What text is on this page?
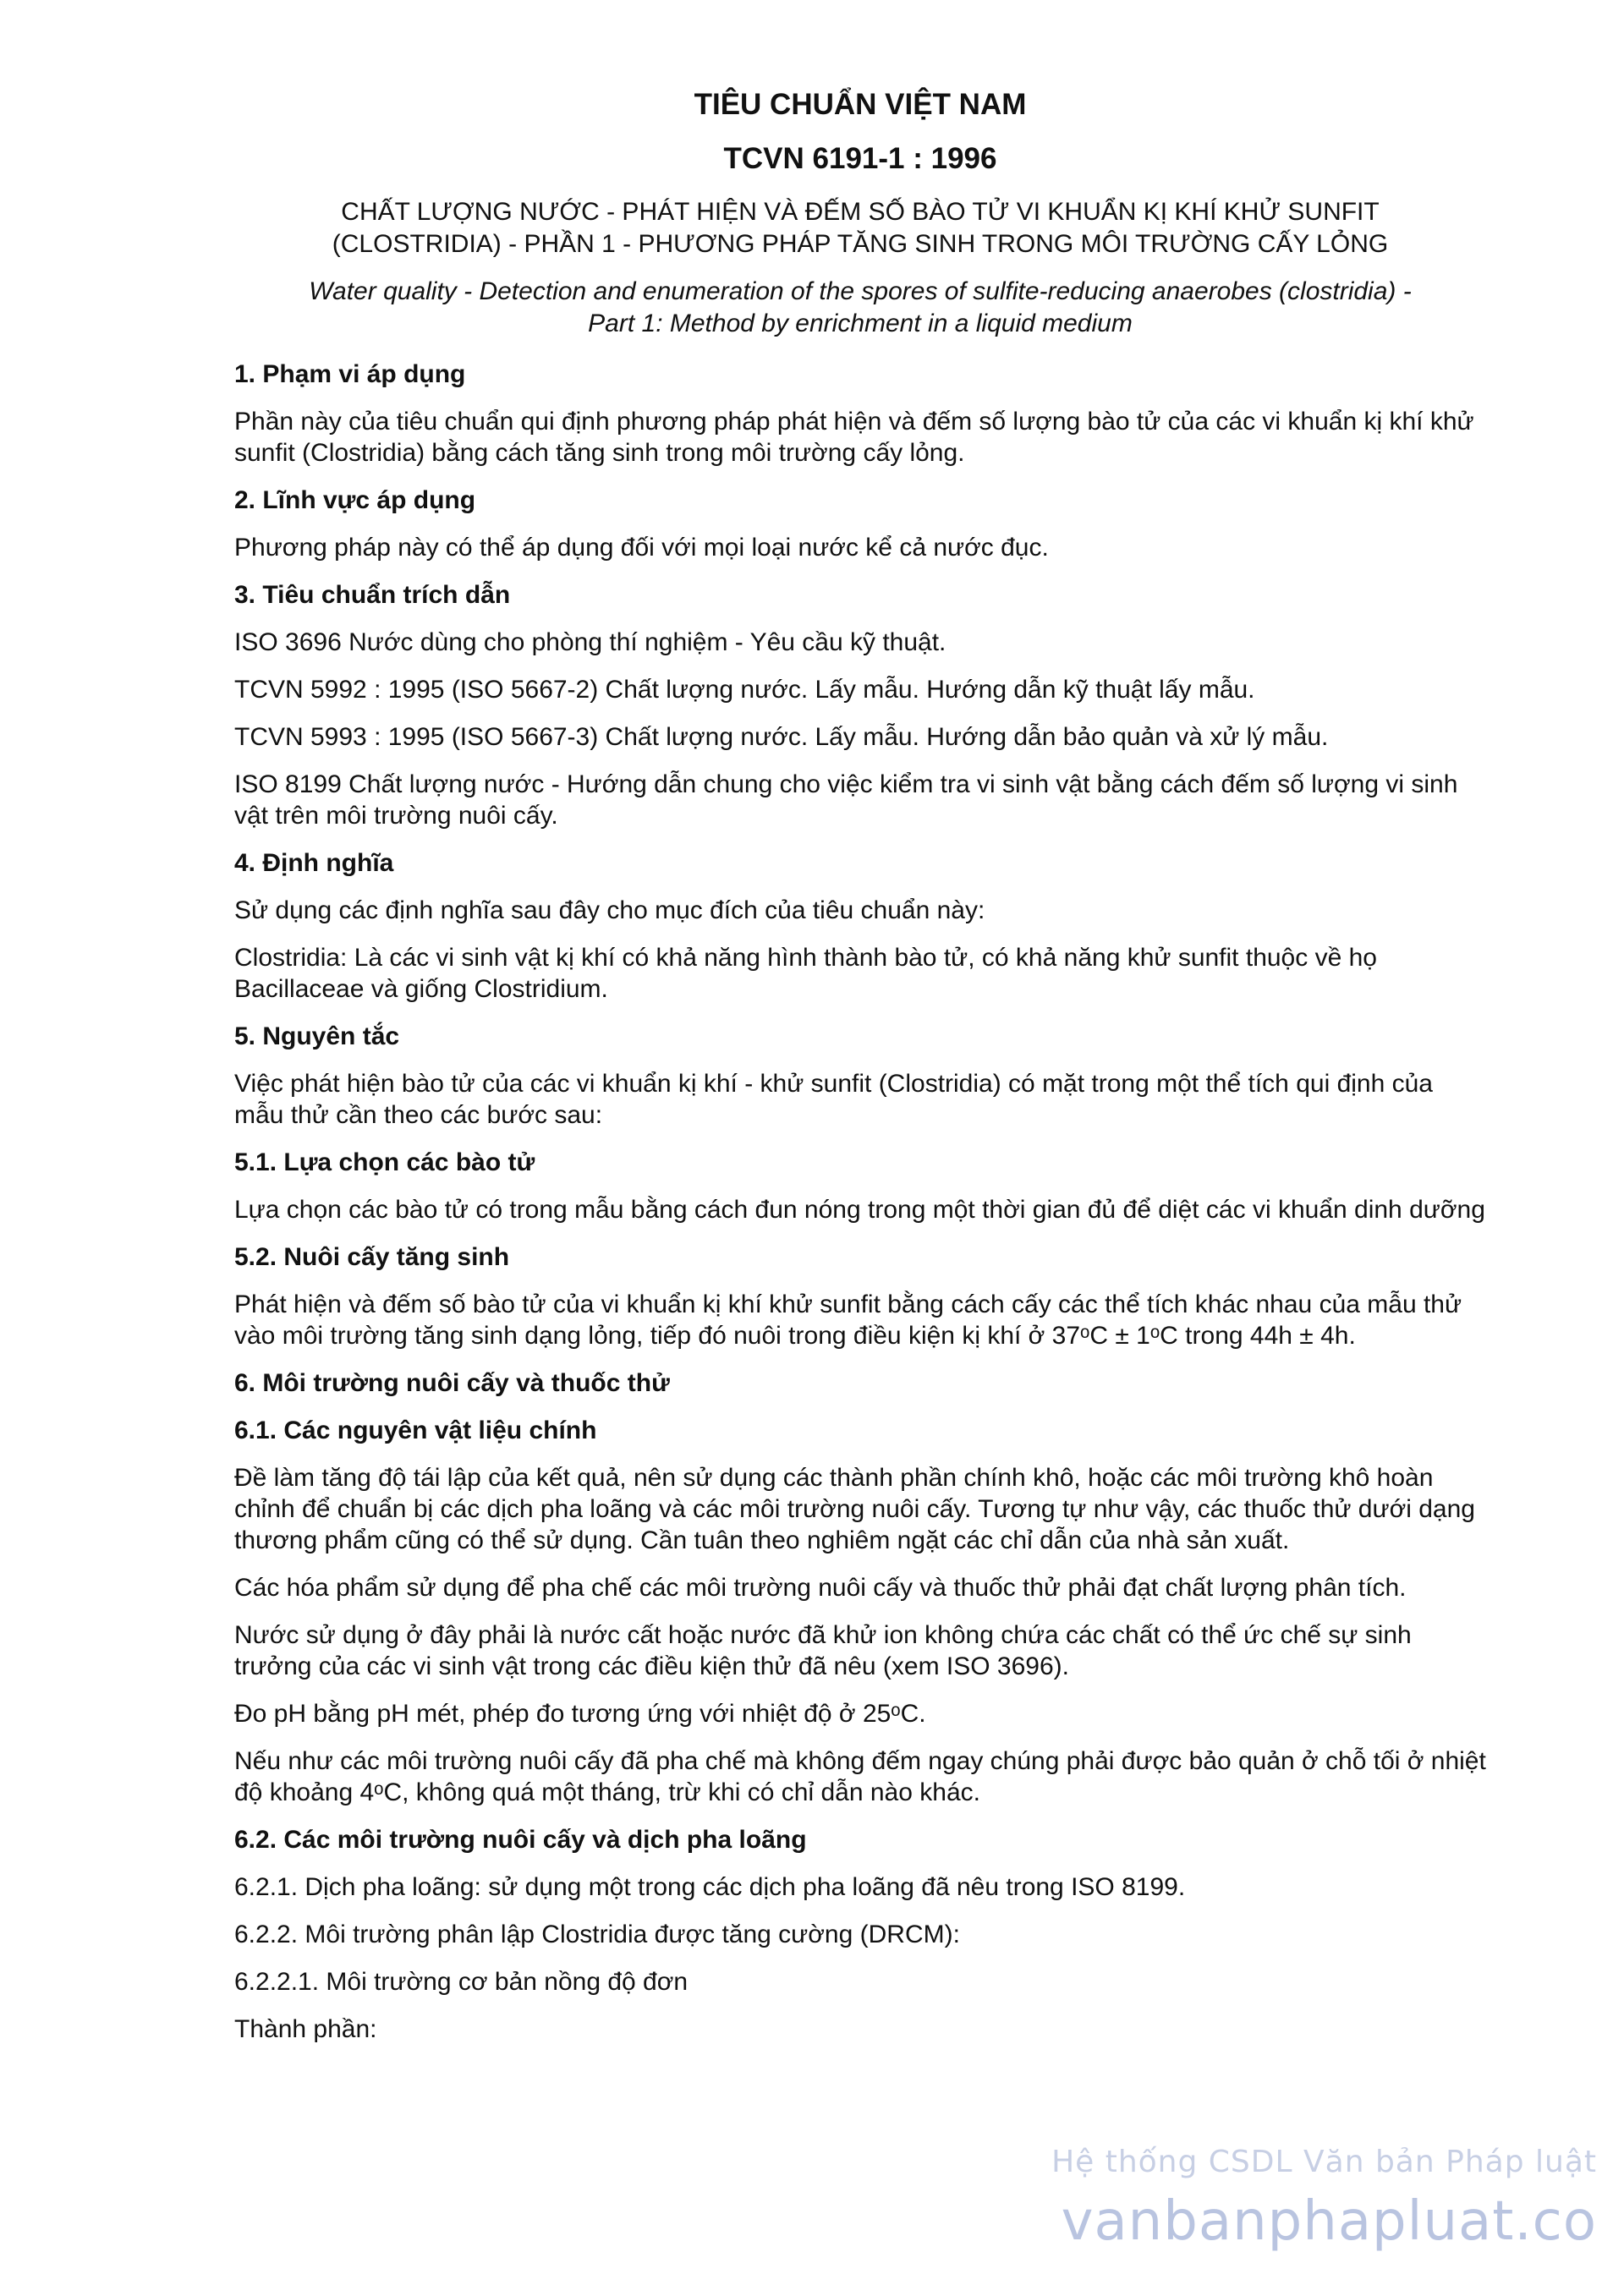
TIÊU CHUẨN VIỆT NAM
TCVN 6191-1 : 1996
CHẤT LƯỢNG NƯỚC - PHÁT HIỆN VÀ ĐẾM SỐ BÀO TỬ VI KHUẨN KỊ KHÍ KHỬ SUNFIT
(CLOSTRIDIA) - PHẦN 1 - PHƯƠNG PHÁP TĂNG SINH TRONG MÔI TRƯỜNG CẤY LỎNG
Water quality - Detection and enumeration of the spores of sulfite-reducing anaerobes (clostridia) -
Part 1: Method by enrichment in a liquid medium
1. Phạm vi áp dụng
Phần này của tiêu chuẩn qui định phương pháp phát hiện và đếm số lượng bào tử của các vi khuẩn kị khí khử sunfit (Clostridia) bằng cách tăng sinh trong môi trường cấy lỏng.
2. Lĩnh vực áp dụng
Phương pháp này có thể áp dụng đối với mọi loại nước kể cả nước đục.
3. Tiêu chuẩn trích dẫn
ISO 3696 Nước dùng cho phòng thí nghiệm - Yêu cầu kỹ thuật.
TCVN 5992 : 1995 (ISO 5667-2) Chất lượng nước. Lấy mẫu. Hướng dẫn kỹ thuật lấy mẫu.
TCVN 5993 : 1995 (ISO 5667-3) Chất lượng nước. Lấy mẫu. Hướng dẫn bảo quản và xử lý mẫu.
ISO 8199 Chất lượng nước - Hướng dẫn chung cho việc kiểm tra vi sinh vật bằng cách đếm số lượng vi sinh vật trên môi trường nuôi cấy.
4. Định nghĩa
Sử dụng các định nghĩa sau đây cho mục đích của tiêu chuẩn này:
Clostridia: Là các vi sinh vật kị khí có khả năng hình thành bào tử, có khả năng khử sunfit thuộc về họ Bacillaceae và giống Clostridium.
5. Nguyên tắc
Việc phát hiện bào tử của các vi khuẩn kị khí - khử sunfit (Clostridia) có mặt trong một thể tích qui định của mẫu thử cần theo các bước sau:
5.1. Lựa chọn các bào tử
Lựa chọn các bào tử có trong mẫu bằng cách đun nóng trong một thời gian đủ để diệt các vi khuẩn dinh dưỡng
5.2. Nuôi cấy tăng sinh
Phát hiện và đếm số bào tử của vi khuẩn kị khí khử sunfit bằng cách cấy các thể tích khác nhau của mẫu thử vào môi trường tăng sinh dạng lỏng, tiếp đó nuôi trong điều kiện kị khí ở 37ᵒC ± 1ᵒC trong 44h ± 4h.
6. Môi trường nuôi cấy và thuốc thử
6.1. Các nguyên vật liệu chính
Đề làm tăng độ tái lập của kết quả, nên sử dụng các thành phần chính khô, hoặc các môi trường khô hoàn chỉnh để chuẩn bị các dịch pha loãng và các môi trường nuôi cấy. Tương tự như vậy, các thuốc thử dưới dạng thương phẩm cũng có thể sử dụng. Cần tuân theo nghiêm ngặt các chỉ dẫn của nhà sản xuất.
Các hóa phẩm sử dụng để pha chế các môi trường nuôi cấy và thuốc thử phải đạt chất lượng phân tích.
Nước sử dụng ở đây phải là nước cất hoặc nước đã khử ion không chứa các chất có thể ức chế sự sinh trưởng của các vi sinh vật trong các điều kiện thử đã nêu (xem ISO 3696).
Đo pH bằng pH mét, phép đo tương ứng với nhiệt độ ở 25ᵒC.
Nếu như các môi trường nuôi cấy đã pha chế mà không đếm ngay chúng phải được bảo quản ở chỗ tối ở nhiệt độ khoảng 4ᵒC, không quá một tháng, trừ khi có chỉ dẫn nào khác.
6.2. Các môi trường nuôi cấy và dịch pha loãng
6.2.1. Dịch pha loãng: sử dụng một trong các dịch pha loãng đã nêu trong ISO 8199.
6.2.2. Môi trường phân lập Clostridia được tăng cường (DRCM):
6.2.2.1. Môi trường cơ bản nồng độ đơn
Thành phần:
Hệ thống CSDL Văn bản Pháp luật
vanbanphapluat.co
